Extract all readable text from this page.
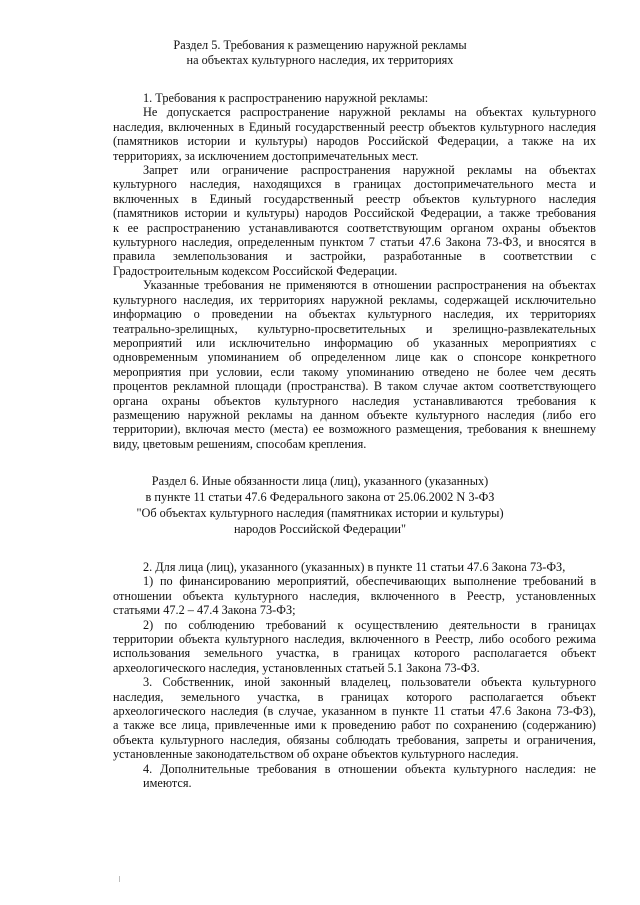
Раздел 5. Требования к размещению наружной рекламы
на объектах культурного наследия, их территориях
1. Требования к распространению наружной рекламы:
Не допускается распространение наружной рекламы на объектах культурного
наследия, включенных в Единый государственный реестр объектов культурного наследия
(памятников истории и культуры) народов Российской Федерации, а также на их
территориях, за исключением достопримечательных мест.
Запрет или ограничение распространения наружной рекламы на объектах
культурного наследия, находящихся в границах достопримечательного места и
включенных в Единый государственный реестр объектов культурного наследия
(памятников истории и культуры) народов Российской Федерации, а также требования
к ее распространению устанавливаются соответствующим органом охраны объектов
культурного наследия, определенным пунктом 7 статьи 47.6 Закона 73-ФЗ, и вносятся в
правила землепользования и застройки, разработанные в соответствии с
Градостроительным кодексом Российской Федерации.
Указанные требования не применяются в отношении распространения на объектах
культурного наследия, их территориях наружной рекламы, содержащей исключительно
информацию о проведении на объектах культурного наследия, их территориях
театрально-зрелищных, культурно-просветительных и зрелищно-развлекательных
мероприятий или исключительно информацию об указанных мероприятиях с
одновременным упоминанием об определенном лице как о спонсоре конкретного
мероприятия при условии, если такому упоминанию отведено не более чем десять
процентов рекламной площади (пространства). В таком случае актом соответствующего
органа охраны объектов культурного наследия устанавливаются требования к
размещению наружной рекламы на данном объекте культурного наследия (либо его
территории), включая место (места) ее возможного размещения, требования к внешнему
виду, цветовым решениям, способам крепления.
Раздел 6. Иные обязанности лица (лиц), указанного (указанных)
в пункте 11 статьи 47.6 Федерального закона от 25.06.2002 N 3-ФЗ
"Об объектах культурного наследия (памятниках истории и культуры)
народов Российской Федерации"
2. Для лица (лиц), указанного (указанных) в пункте 11 статьи 47.6 Закона 73-ФЗ,
1) по финансированию мероприятий, обеспечивающих выполнение требований в
отношении объекта культурного наследия, включенного в Реестр, установленных
статьями 47.2 – 47.4 Закона 73-ФЗ;
2) по соблюдению требований к осуществлению деятельности в границах
территории объекта культурного наследия, включенного в Реестр, либо особого режима
использования земельного участка, в границах которого располагается объект
археологического наследия, установленных статьей 5.1 Закона 73-ФЗ.
3. Собственник, иной законный владелец, пользователи объекта культурного
наследия, земельного участка, в границах которого располагается объект
археологического наследия (в случае, указанном в пункте 11 статьи 47.6 Закона 73-ФЗ),
а также все лица, привлеченные ими к проведению работ по сохранению (содержанию)
объекта культурного наследия, обязаны соблюдать требования, запреты и ограничения,
установленные законодательством об охране объектов культурного наследия.
4. Дополнительные требования в отношении объекта культурного наследия: не
имеются.
